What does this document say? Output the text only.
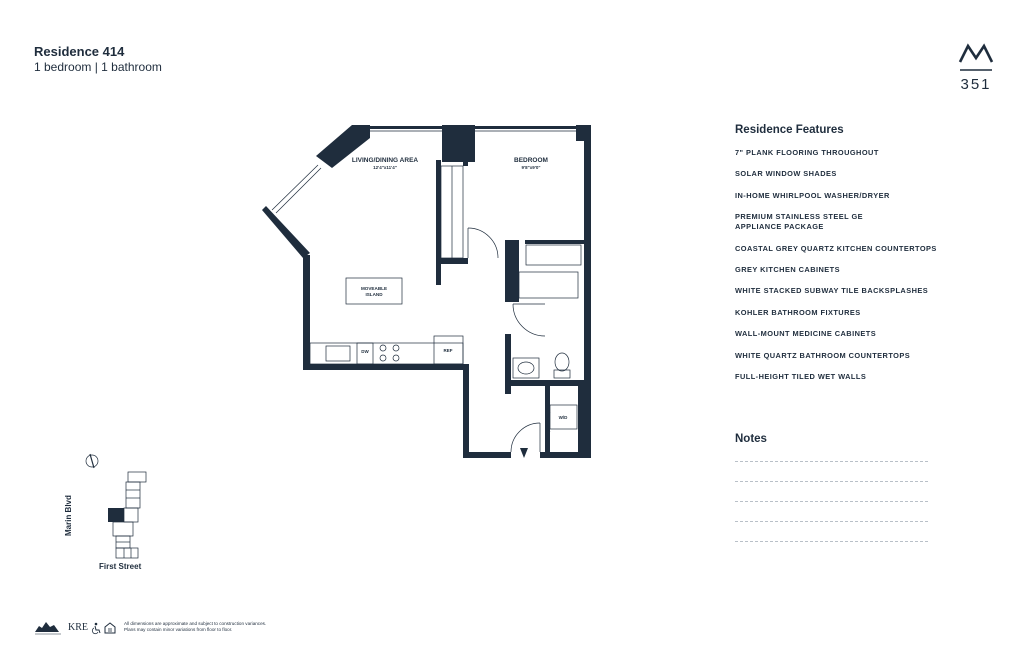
Residence 414
1 bedroom | 1 bathroom
351
Residence Features
7" PLANK FLOORING THROUGHOUT
SOLAR WINDOW SHADES
IN-HOME WHIRLPOOL WASHER/DRYER
PREMIUM STAINLESS STEEL GE
APPLIANCE PACKAGE
COASTAL GREY QUARTZ KITCHEN COUNTERTOPS
GREY KITCHEN CABINETS
WHITE STACKED SUBWAY TILE BACKSPLASHES
KOHLER BATHROOM FIXTURES
WALL-MOUNT MEDICINE CABINETS
WHITE QUARTZ BATHROOM COUNTERTOPS
FULL-HEIGHT TILED WET WALLS
Notes
LIVING/DINING AREA
12'4"x11'4"
BEDROOM
9'8"x9'0"
MOVEABLE
ISLAND
DW	REF
W/D
First Street
Marin Blvd
KRE	All dimensions are approximate and subject to construction variances.
Plans may contain minor variations from floor to floor.
